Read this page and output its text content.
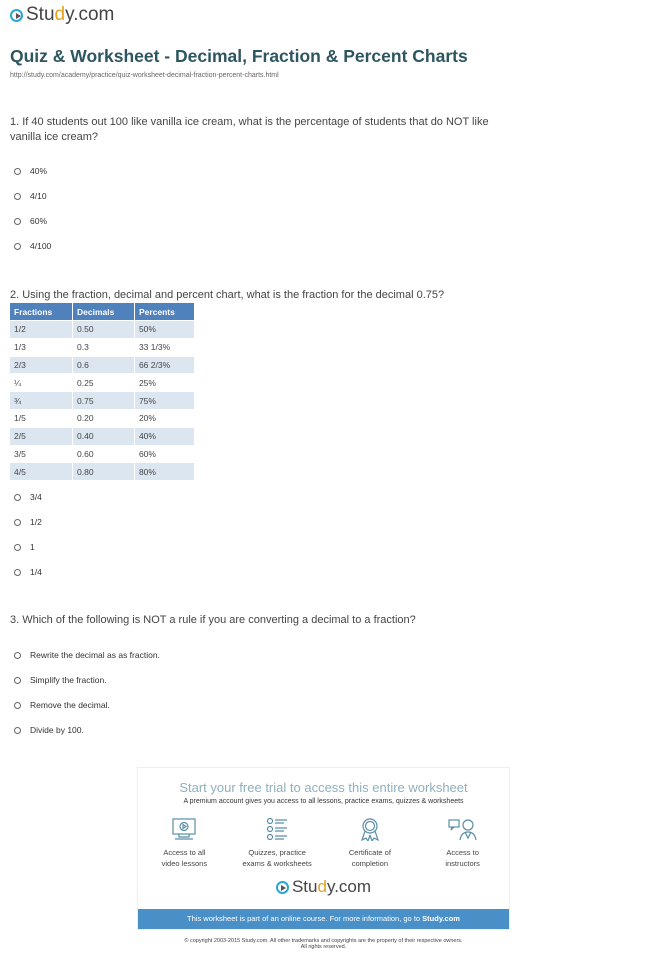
Stu d y.com
Quiz & Worksheet - Decimal, Fraction & Percent Charts
http://study.com/academy/practice/quiz-worksheet-decimal-fraction-percent-charts.html
1. If 40 students out 100 like vanilla ice cream, what is the percentage of students that do NOT like vanilla ice cream?
40%
4/10
60%
4/100
2. Using the fraction, decimal and percent chart, what is the fraction for the decimal 0.75?
Fractions	Decimals	Percents
1/2	0.50	50%
1/3	0.3	33 1/3%
2/3	0.6	66 2/3%
¼	0.25	25%
¾	0.75	75%
1/5	0.20	20%
2/5	0.40	40%
3/5	0.60	60%
4/5	0.80	80%
3/4
1/2
1
1/4
3. Which of the following is NOT a rule if you are converting a decimal to a fraction?
Rewrite the decimal as as fraction.
Simplify the fraction.
Remove the decimal.
Divide by 100.
Start your free trial to access this entire worksheet
A premium account gives you access to all lessons, practice exams, quizzes & worksheets
Access to all
video lessons
Quizzes, practice
exams & worksheets
Certificate of
completion
Access to
instructors
Stu d y.com
This worksheet is part of an online course. For more information, go to Study.com
© copyright 2003-2015 Study.com. All other trademarks and copyrights are the property of their respective owners.
All rights reserved.
